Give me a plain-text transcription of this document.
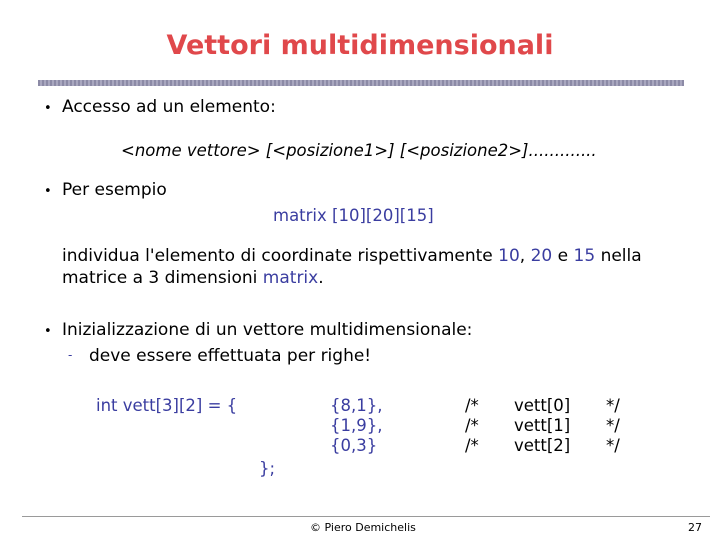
Vettori multidimensionali
• Accesso ad un elemento:
<nome vettore> [<posizione1>] [<posizione2>].............
• Per esempio
matrix [10][20][15]
individua l'elemento di coordinate rispettivamente 10, 20 e 15 nella
matrice a 3 dimensioni matrix.
• Inizializzazione di un vettore multidimensionale:
- deve essere effettuata per righe!
int vett[3][2] = {	{8,1},
{1,9},
{0,3}
};
/*
/*
/*
vett[0]
vett[1]
vett[2]
*/
*/
*/
© Piero Demichelis	27
